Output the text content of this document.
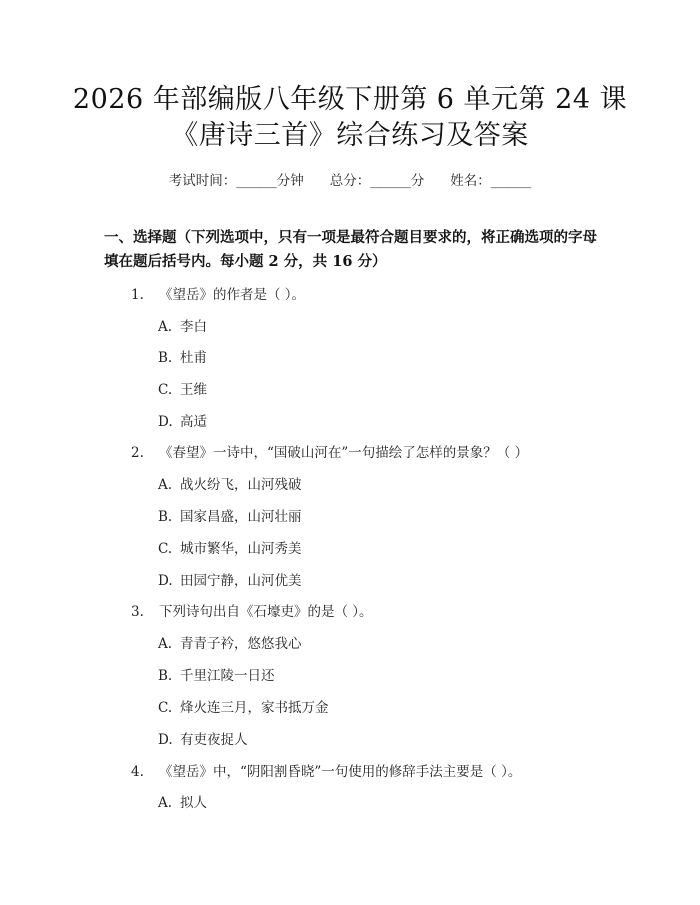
2026 年部编版八年级下册第 6 单元第 24 课
《唐诗三首》综合练习及答案
考试时间：______分钟 总分：______分 姓名：______
一、选择题（下列选项中，只有一项是最符合题目要求的，将正确选项的字母填在题后括号内。每小题 2 分，共 16 分）
1. 《望岳》的作者是（ ）。
A. 李白
B. 杜甫
C. 王维
D. 高适
2. 《春望》一诗中，“国破山河在”一句描绘了怎样的景象？（ ）
A. 战火纷飞，山河残破
B. 国家昌盛，山河壮丽
C. 城市繁华，山河秀美
D. 田园宁静，山河优美
3. 下列诗句出自《石壕吏》的是（ ）。
A. 青青子衿，悠悠我心
B. 千里江陵一日还
C. 烽火连三月，家书抵万金
D. 有吏夜捉人
4. 《望岳》中，“阴阳割昏晓”一句使用的修辞手法主要是（ ）。
A. 拟人
